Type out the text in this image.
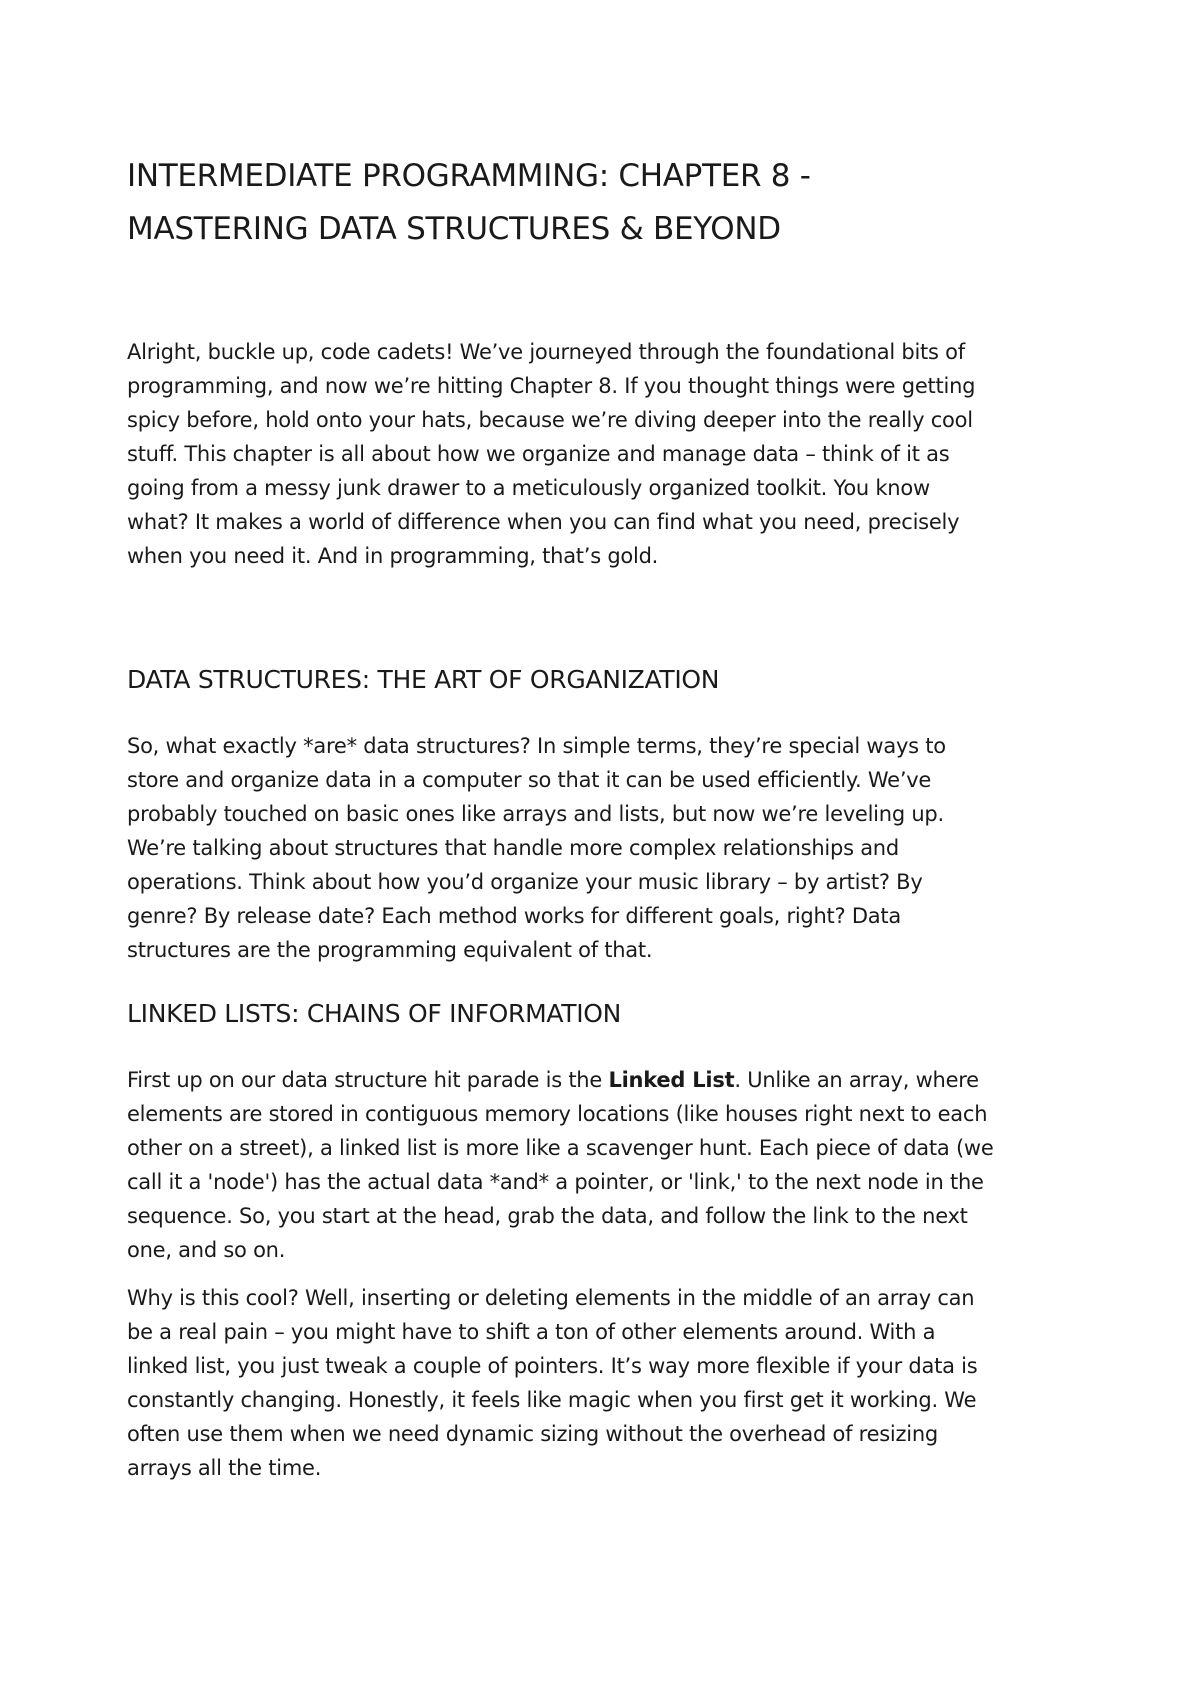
INTERMEDIATE PROGRAMMING: CHAPTER 8 -
MASTERING DATA STRUCTURES & BEYOND

Alright, buckle up, code cadets! We’ve journeyed through the foundational bits of
programming, and now we’re hitting Chapter 8. If you thought things were getting
spicy before, hold onto your hats, because we’re diving deeper into the really cool
stuff. This chapter is all about how we organize and manage data – think of it as
going from a messy junk drawer to a meticulously organized toolkit. You know
what? It makes a world of difference when you can find what you need, precisely
when you need it. And in programming, that’s gold.

DATA STRUCTURES: THE ART OF ORGANIZATION

So, what exactly *are* data structures? In simple terms, they’re special ways to
store and organize data in a computer so that it can be used efficiently. We’ve
probably touched on basic ones like arrays and lists, but now we’re leveling up.
We’re talking about structures that handle more complex relationships and
operations. Think about how you’d organize your music library – by artist? By
genre? By release date? Each method works for different goals, right? Data
structures are the programming equivalent of that.

LINKED LISTS: CHAINS OF INFORMATION

First up on our data structure hit parade is the Linked List. Unlike an array, where
elements are stored in contiguous memory locations (like houses right next to each
other on a street), a linked list is more like a scavenger hunt. Each piece of data (we
call it a 'node') has the actual data *and* a pointer, or 'link,' to the next node in the
sequence. So, you start at the head, grab the data, and follow the link to the next
one, and so on.

Why is this cool? Well, inserting or deleting elements in the middle of an array can
be a real pain – you might have to shift a ton of other elements around. With a
linked list, you just tweak a couple of pointers. It’s way more flexible if your data is
constantly changing. Honestly, it feels like magic when you first get it working. We
often use them when we need dynamic sizing without the overhead of resizing
arrays all the time.
